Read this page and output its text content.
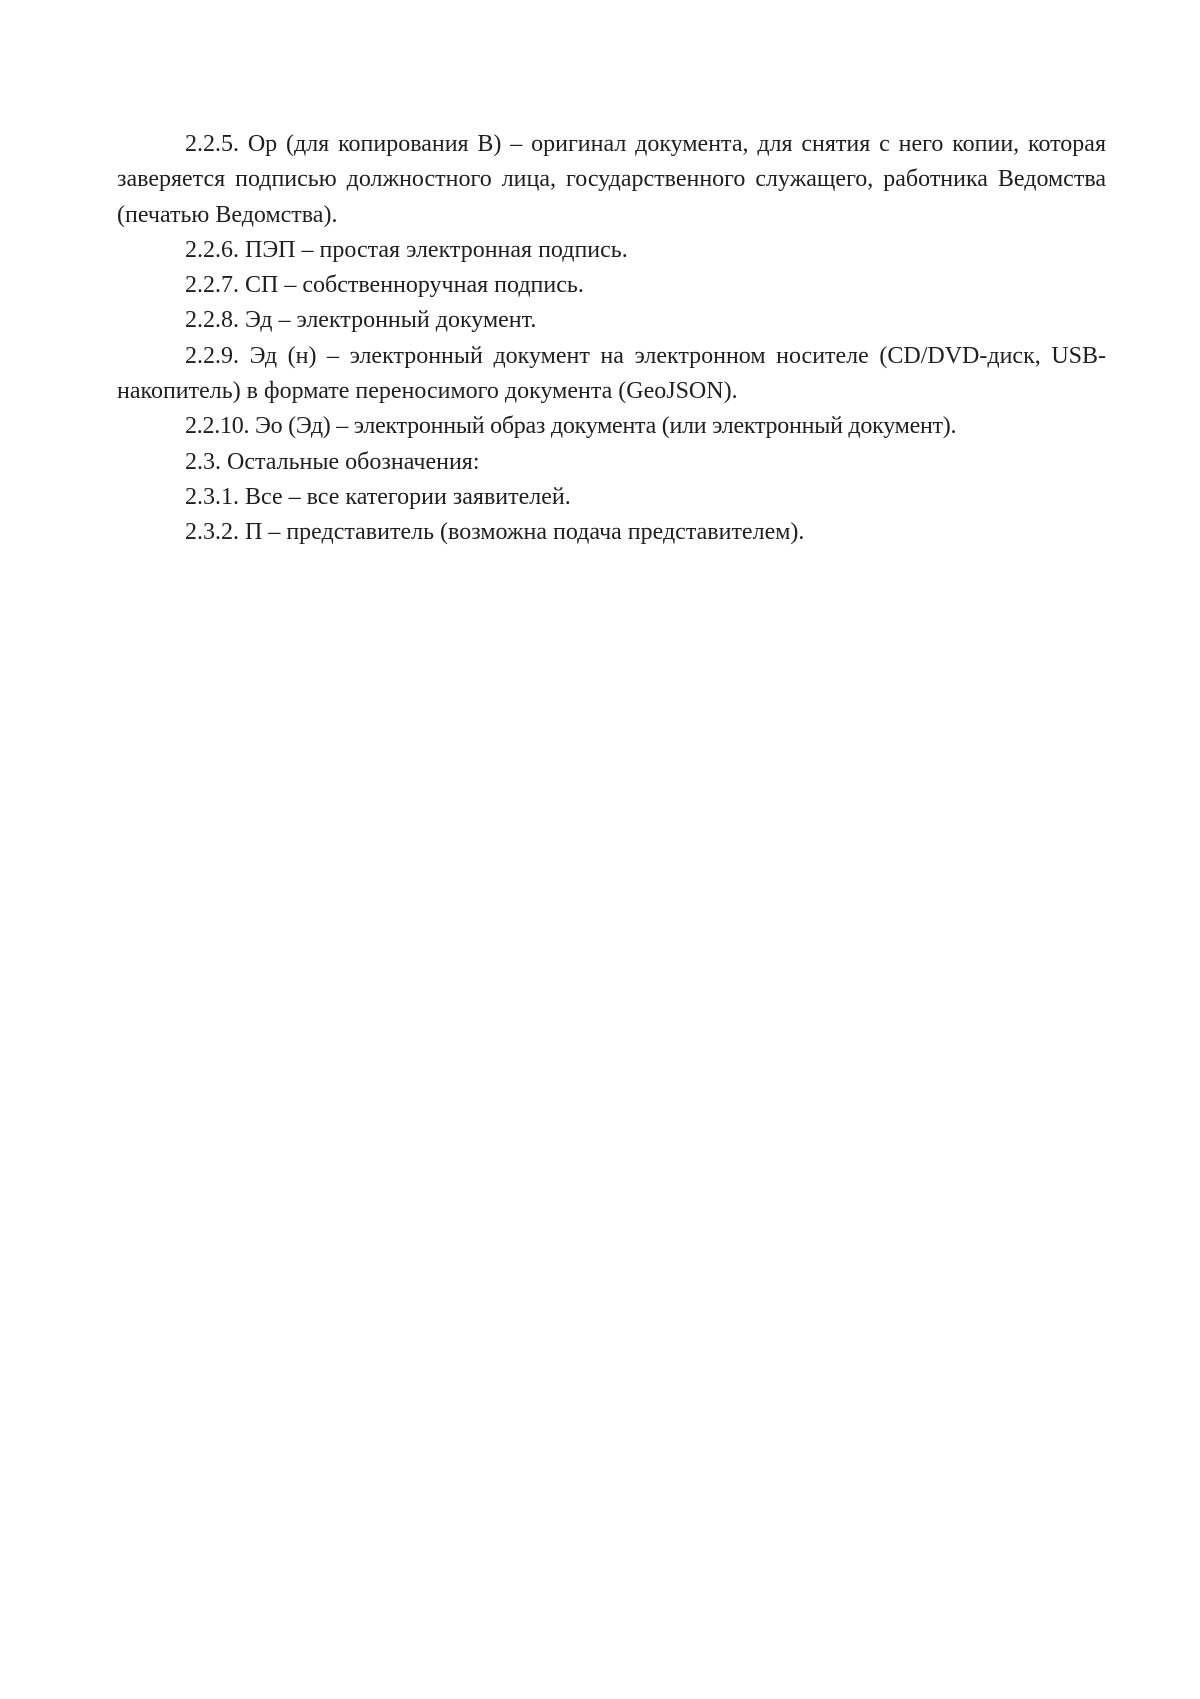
2.2.5. Ор (для копирования В) – оригинал документа, для снятия с него копии, которая заверяется подписью должностного лица, государственного служащего, работника Ведомства (печатью Ведомства).

2.2.6. ПЭП – простая электронная подпись.

2.2.7. СП – собственноручная подпись.

2.2.8. Эд – электронный документ.

2.2.9. Эд (н) – электронный документ на электронном носителе (CD/DVD-диск, USB-накопитель) в формате переносимого документа (GeoJSON).

2.2.10. Эо (Эд) – электронный образ документа (или электронный документ).

2.3. Остальные обозначения:

2.3.1. Все – все категории заявителей.

2.3.2. П – представитель (возможна подача представителем).
